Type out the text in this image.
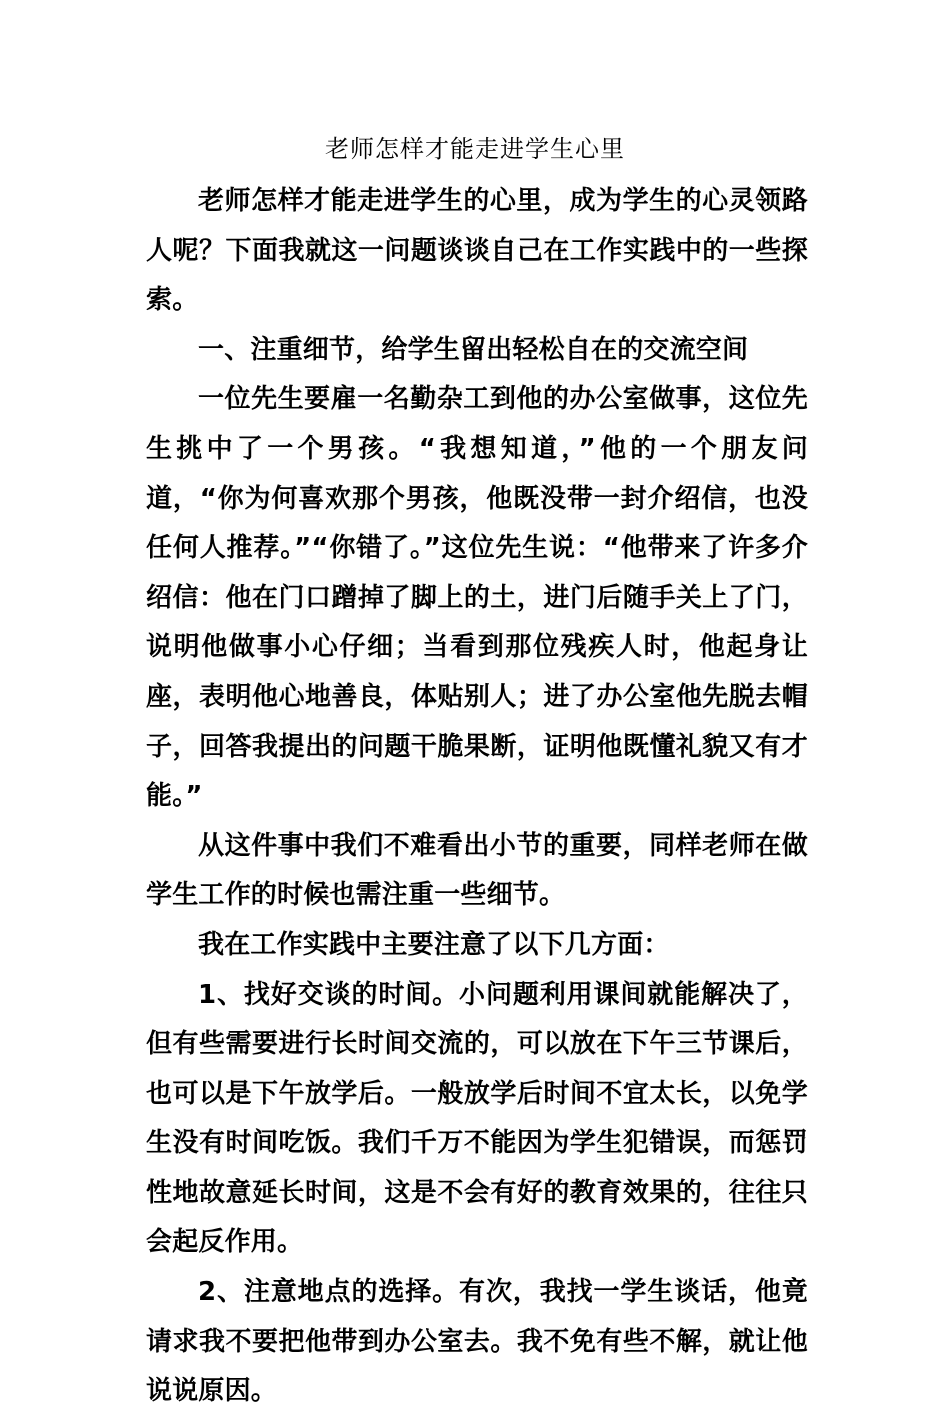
老师怎样才能走进学生心里

老师怎样才能走进学生的心里，成为学生的心灵领路人呢？下面我就这一问题谈谈自己在工作实践中的一些探索。

一、注重细节，给学生留出轻松自在的交流空间

一位先生要雇一名勤杂工到他的办公室做事，这位先生挑中了一个男孩。“我想知道，”他的一个朋友问道，“你为何喜欢那个男孩，他既没带一封介绍信，也没任何人推荐。”“你错了。”这位先生说：“他带来了许多介绍信：他在门口蹭掉了脚上的土，进门后随手关上了门，说明他做事小心仔细；当看到那位残疾人时，他起身让座，表明他心地善良，体贴别人；进了办公室他先脱去帽子，回答我提出的问题干脆果断，证明他既懂礼貌又有才能。”

从这件事中我们不难看出小节的重要，同样老师在做学生工作的时候也需注重一些细节。

我在工作实践中主要注意了以下几方面：

1、找好交谈的时间。小问题利用课间就能解决了，但有些需要进行长时间交流的，可以放在下午三节课后，也可以是下午放学后。一般放学后时间不宜太长，以免学生没有时间吃饭。我们千万不能因为学生犯错误，而惩罚性地故意延长时间，这是不会有好的教育效果的，往往只会起反作用。

2、注意地点的选择。有次，我找一学生谈话，他竟请求我不要把他带到办公室去。我不免有些不解，就让他说说原因。
